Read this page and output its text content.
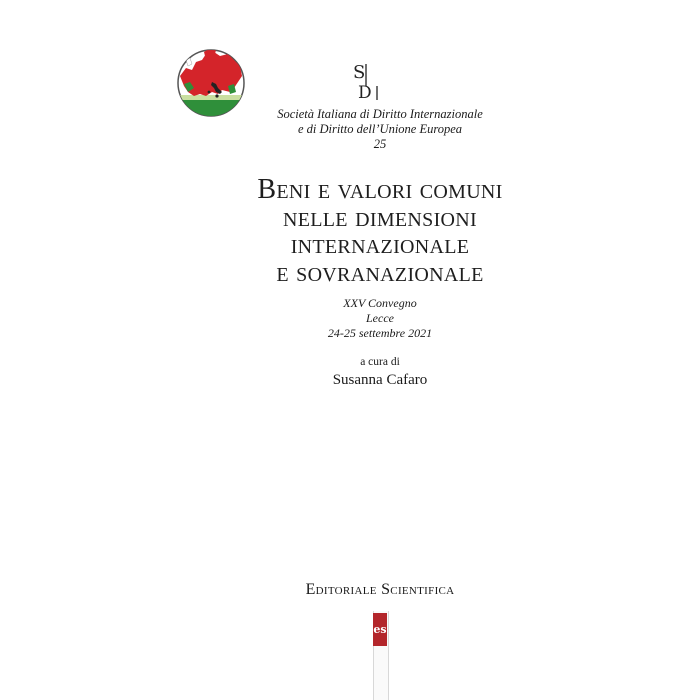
S
D
Società Italiana di Diritto Internazionale
e di Diritto dell’Unione Europea
25
Beni e valori comuni
nelle dimensioni
internazionale
e sovranazionale
XXV Convegno
Lecce
24-25 settembre 2021
a cura di
Susanna Cafaro
Editoriale Scientifica
es
